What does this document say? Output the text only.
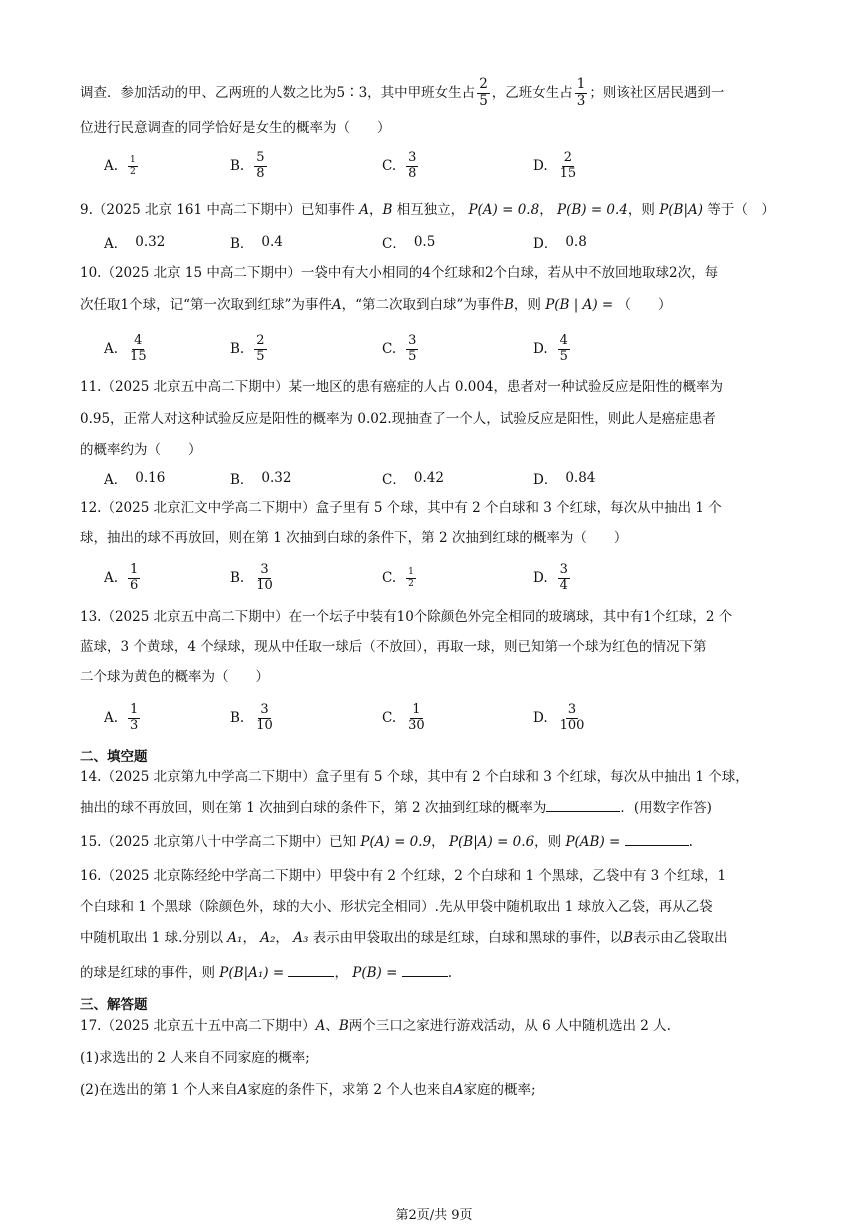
调查．参加活动的甲、乙两班的人数之比为5∶3，其中甲班女生占 $\frac{2}{5}$ ，乙班女生占 $\frac{1}{3}$ ；则该社区居民遇到一
位进行民意调查的同学恰好是女生的概率为（　　）
A. $\frac{1}{2}$	B. $\frac{5}{8}$	C. $\frac{3}{8}$	D. $\frac{2}{15}$
9.（2025 北京 161 中高二下期中）已知事件 A，B 相互独立， P(A) = 0.8， P(B) = 0.4，则 P(B|A) 等于（　）
A． 0.32	B． 0.4	C． 0.5	D． 0.8
10.（2025 北京 15 中高二下期中）一袋中有大小相同的4个红球和2个白球，若从中不放回地取球2次，每
次任取1个球，记“第一次取到红球”为事件A，“第二次取到白球”为事件B，则 P(B | A) = （　　）
A. $\frac{4}{15}$	B. $\frac{2}{5}$	C. $\frac{3}{5}$	D. $\frac{4}{5}$
11.（2025 北京五中高二下期中）某一地区的患有癌症的人占 0.004，患者对一种试验反应是阳性的概率为
0.95，正常人对这种试验反应是阳性的概率为 0.02.现抽查了一个人，试验反应是阳性，则此人是癌症患者
的概率约为（　　）
A． 0.16	B． 0.32	C． 0.42	D． 0.84
12.（2025 北京汇文中学高二下期中）盒子里有 5 个球，其中有 2 个白球和 3 个红球，每次从中抽出 1 个
球，抽出的球不再放回，则在第 1 次抽到白球的条件下，第 2 次抽到红球的概率为（　　）
A. $\frac{1}{6}$	B. $\frac{3}{10}$	C. $\frac{1}{2}$	D. $\frac{3}{4}$
13.（2025 北京五中高二下期中）在一个坛子中装有10个除颜色外完全相同的玻璃球，其中有1个红球，2 个
蓝球，3 个黄球，4 个绿球，现从中任取一球后（不放回），再取一球，则已知第一个球为红色的情况下第
二个球为黄色的概率为（　　）
A. $\frac{1}{3}$	B. $\frac{3}{10}$	C. $\frac{1}{30}$	D. $\frac{3}{100}$
二、填空题
14.（2025 北京第九中学高二下期中）盒子里有 5 个球，其中有 2 个白球和 3 个红球，每次从中抽出 1 个球，
抽出的球不再放回，则在第 1 次抽到白球的条件下，第 2 次抽到红球的概率为	．(用数字作答)
15.（2025 北京第八十中学高二下期中）已知 P(A) = 0.9， P(B|A) = 0.6，则 P(AB) =	.
16.（2025 北京陈经纶中学高二下期中）甲袋中有 2 个红球，2 个白球和 1 个黑球，乙袋中有 3 个红球，1
个白球和 1 个黑球（除颜色外，球的大小、形状完全相同）.先从甲袋中随机取出 1 球放入乙袋，再从乙袋
中随机取出 1 球.分别以 A₁， A₂， A₃ 表示由甲袋取出的球是红球，白球和黑球的事件，以B表示由乙袋取出
的球是红球的事件，则 P(B|A₁) =	， P(B) =	.
三、解答题
17.（2025 北京五十五中高二下期中）A、B两个三口之家进行游戏活动，从 6 人中随机选出 2 人.
(1)求选出的 2 人来自不同家庭的概率;
(2)在选出的第 1 个人来自A家庭的条件下，求第 2 个人也来自A家庭的概率;
第2页/共 9页
